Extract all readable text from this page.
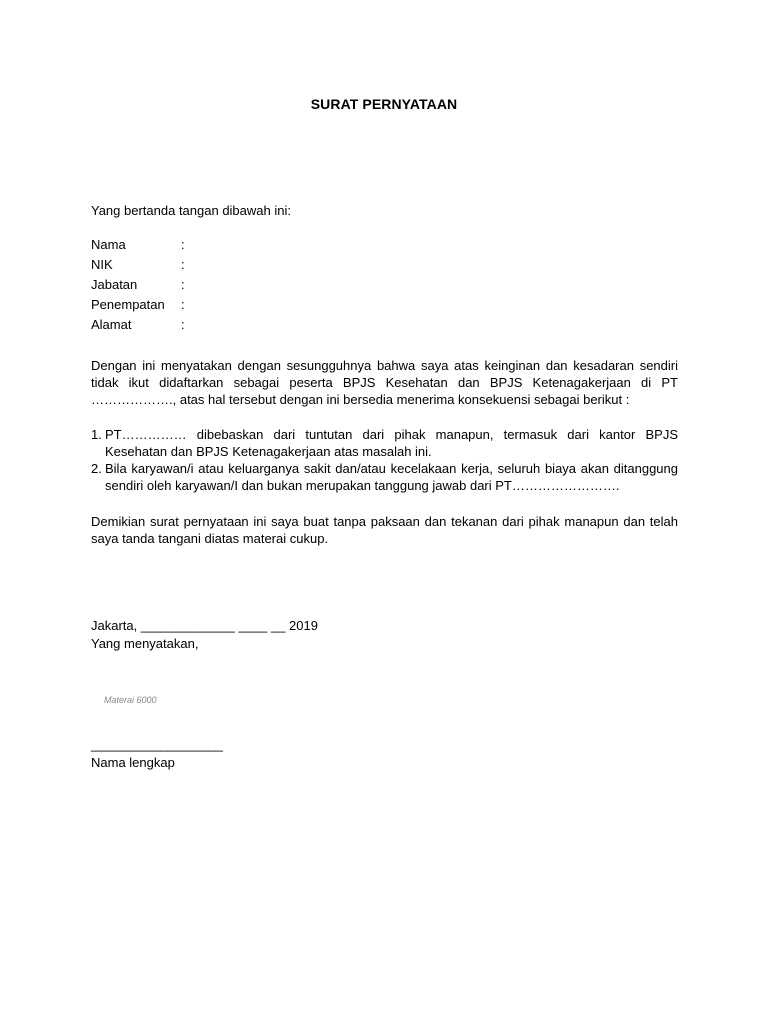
SURAT PERNYATAAN
Yang bertanda tangan dibawah ini:
Nama	:
NIK	:
Jabatan	:
Penempatan	:
Alamat	:

Dengan ini menyatakan dengan sesungguhnya bahwa saya atas keinginan dan kesadaran sendiri tidak ikut didaftarkan sebagai peserta BPJS Kesehatan dan BPJS Ketenagakerjaan di PT ………………., atas hal tersebut dengan ini bersedia menerima konsekuensi sebagai berikut :

1. PT…………… dibebaskan dari tuntutan dari pihak manapun, termasuk dari kantor BPJS Kesehatan dan BPJS Ketenagakerjaan atas masalah ini.
2. Bila karyawan/i atau keluarganya sakit dan/atau kecelakaan kerja, seluruh biaya akan ditanggung sendiri oleh karyawan/I dan bukan merupakan tanggung jawab dari PT…………………….

Demikian surat pernyataan ini saya buat tanpa paksaan dan tekanan dari pihak manapun dan telah saya tanda tangani diatas materai cukup.

Jakarta, _____________ ____ __ 2019
Yang menyatakan,
Materai 6000
___________________
Nama lengkap
